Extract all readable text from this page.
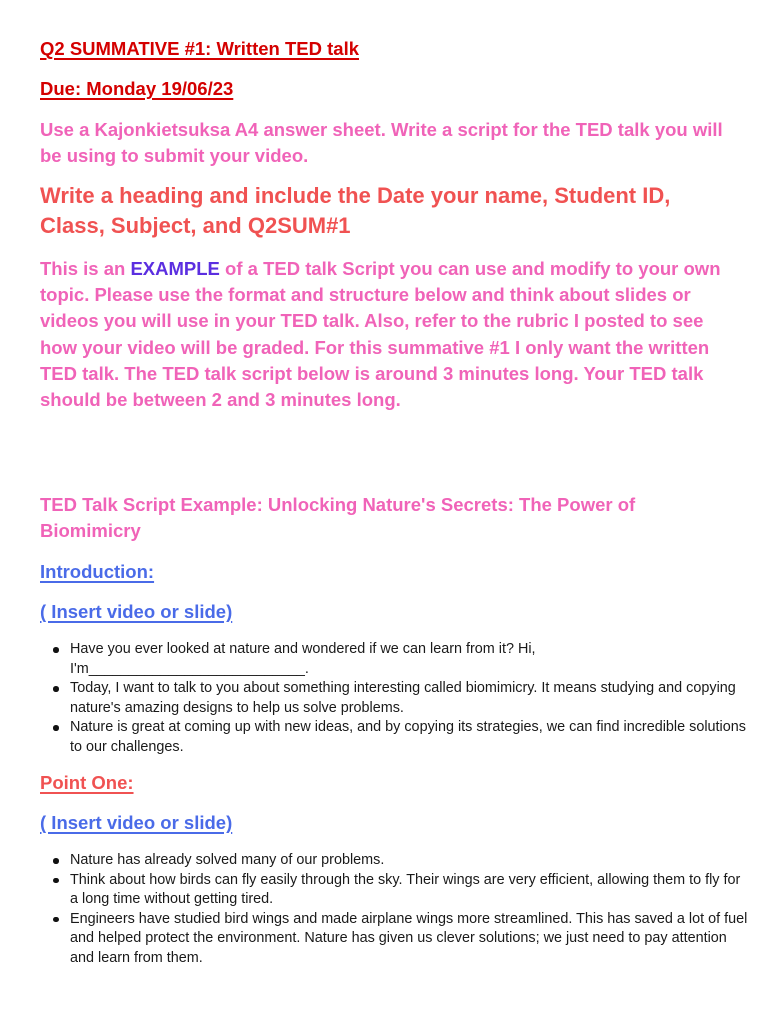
Q2 SUMMATIVE #1: Written TED talk

Due: Monday 19/06/23

Use a Kajonkietsuksa A4 answer sheet. Write a script for the TED talk you will be using to submit your video.

Write a heading and include the Date your name, Student ID, Class, Subject, and Q2SUM#1

This is an EXAMPLE of a TED talk Script you can use and modify to your own topic. Please use the format and structure below and think about slides or videos you will use in your TED talk. Also, refer to the rubric I posted to see how your video will be graded. For this summative #1 I only want the written TED talk. The TED talk script below is around 3 minutes long. Your TED talk should be between 2 and 3 minutes long.

TED Talk Script Example: Unlocking Nature's Secrets: The Power of Biomimicry

Introduction:

( Insert video or slide)

Have you ever looked at nature and wondered if we can learn from it? Hi, I'm___________________________.
Today, I want to talk to you about something interesting called biomimicry. It means studying and copying nature's amazing designs to help us solve problems.
Nature is great at coming up with new ideas, and by copying its strategies, we can find incredible solutions to our challenges.
Point One:

( Insert video or slide)

Nature has already solved many of our problems.
Think about how birds can fly easily through the sky. Their wings are very efficient, allowing them to fly for a long time without getting tired.
Engineers have studied bird wings and made airplane wings more streamlined. This has saved a lot of fuel and helped protect the environment. Nature has given us clever solutions; we just need to pay attention and learn from them.
